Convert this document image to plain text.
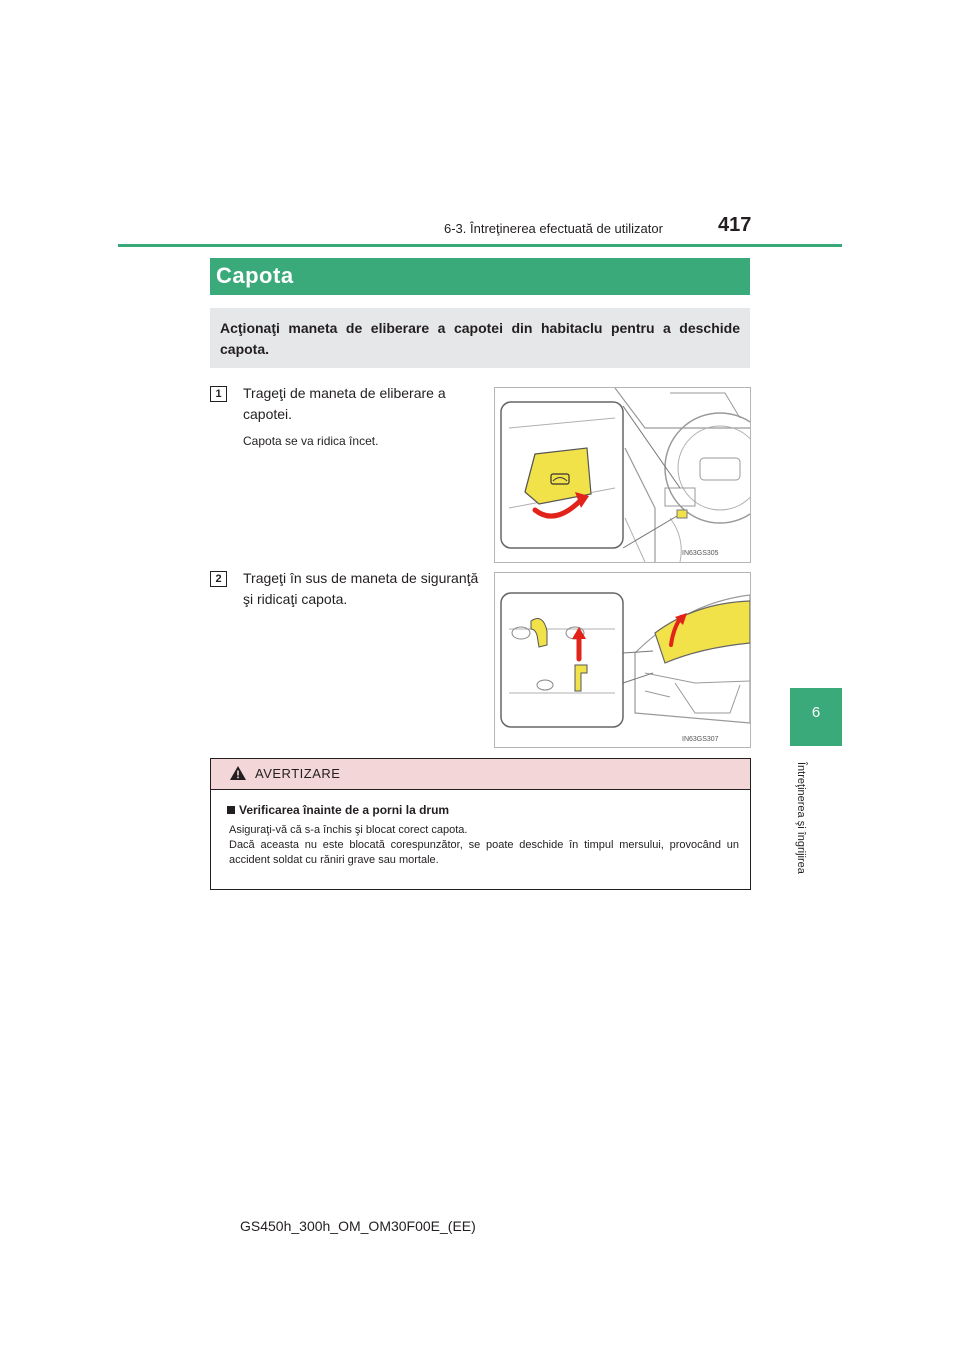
6-3. Întreţinerea efectuată de utilizator	417
6
Întreţinerea şi îngrijirea
Capota
Acţionaţi maneta de eliberare a capotei din habitaclu pentru a deschide capota.
1	Trageţi de maneta de eliberare a capotei.
Capota se va ridica încet.
IN63GS305
2	Trageţi în sus de maneta de siguranţă şi ridicaţi capota.
IN63GS307
AVERTIZARE
Verificarea înainte de a porni la drum
Asiguraţi-vă că s-a închis şi blocat corect capota.
Dacă aceasta nu este blocată corespunzător, se poate deschide în timpul mersului, provocând un accident soldat cu răniri grave sau mortale.
GS450h_300h_OM_OM30F00E_(EE)
